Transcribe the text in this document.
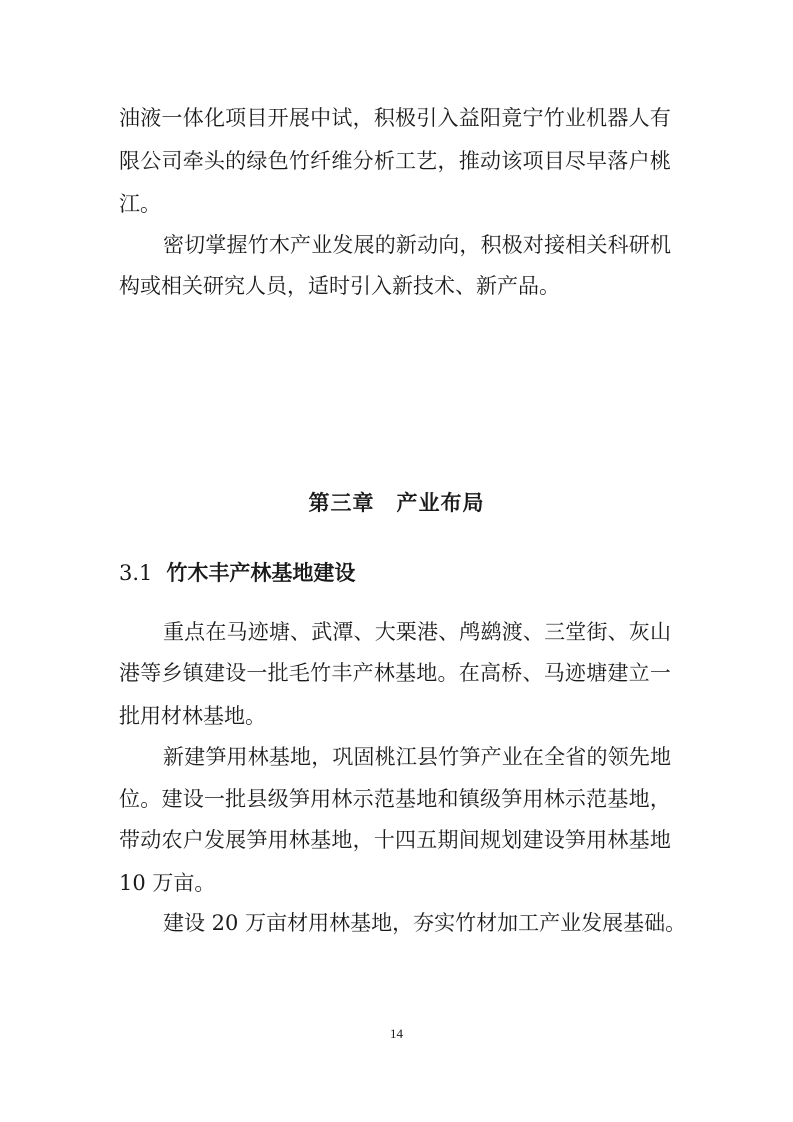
油 液 一 体 化 项 目 开 展 中 试 ， 积 极 引 入 益 阳 竟 宁 竹 业 机 器 人 有
限 公 司 牵 头 的 绿 色 竹 纤 维 分 析 工 艺 ， 推 动 该 项 目 尽 早 落 户 桃
江。
密 切 掌 握 竹 木 产 业 发 展 的 新 动 向 ， 积 极 对 接 相 关 科 研 机
构或相关研究人员，适时引入新技术、新产品。
第三章　产业布局
3.1 竹木丰产林基地建设
重 点 在 马 迹 塘 、 武 潭 、 大 栗 港 、 鸬 鹚 渡 、 三 堂 街 、 灰 山
港 等 乡 镇 建 设 一 批 毛 竹 丰 产 林 基 地 。 在 高 桥 、 马 迹 塘 建 立 一
批用材林基地。
新 建 笋 用 林 基 地 ， 巩 固 桃 江 县 竹 笋 产 业 在 全 省 的 领 先 地
位 。 建 设 一 批 县 级 笋 用 林 示 范 基 地 和 镇 级 笋 用 林 示 范 基 地 ，
带 动 农 户 发 展 笋 用 林 基 地 ， 十 四 五 期 间 规 划 建 设 笋 用 林 基 地
10 万亩。
建设 20 万亩材用林基地，夯实竹材加工产业发展基础。
14
